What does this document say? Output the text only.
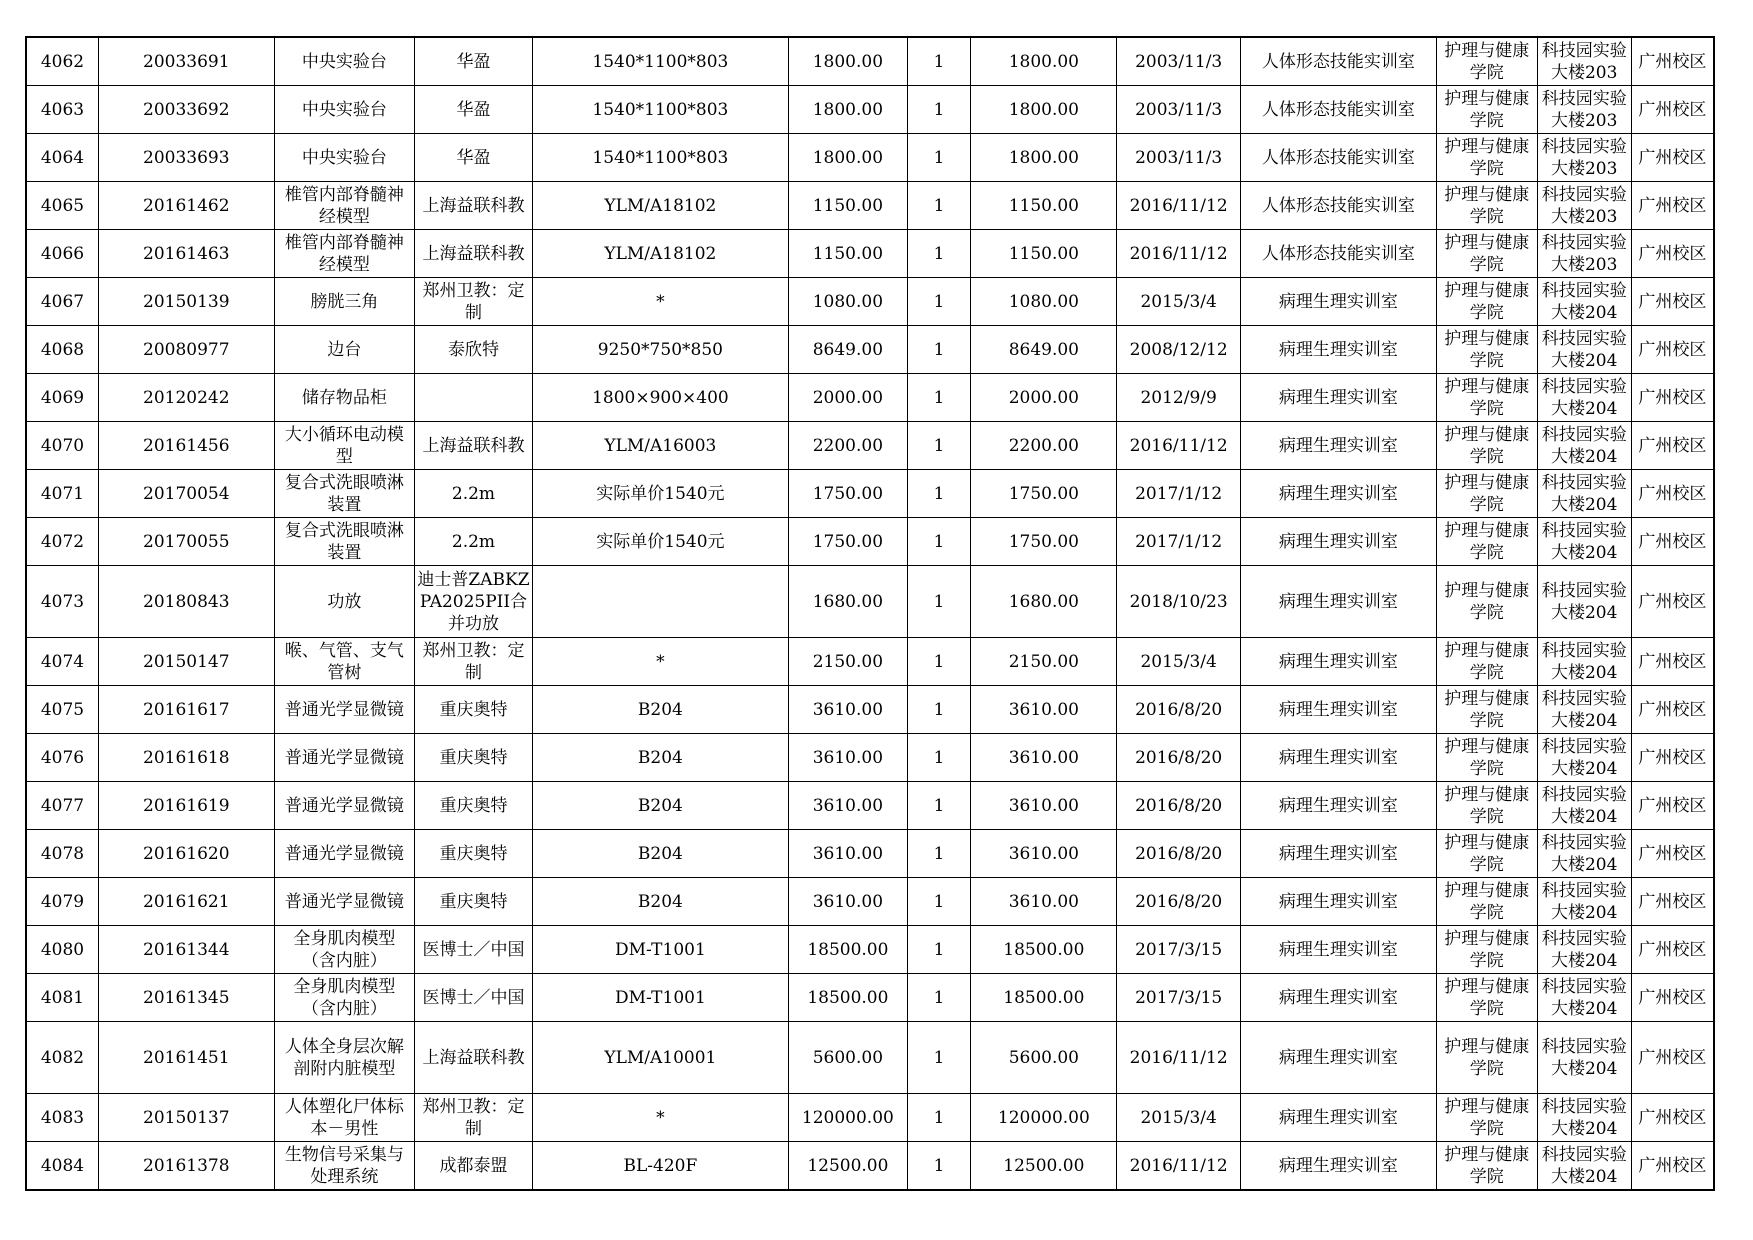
4062	20033691	中央实验台	华盈	1540*1100*803	1800.00	1	1800.00	2003/11/3	人体形态技能实训室	护理与健康学院	科技园实验大楼203	广州校区
4063	20033692	中央实验台	华盈	1540*1100*803	1800.00	1	1800.00	2003/11/3	人体形态技能实训室	护理与健康学院	科技园实验大楼203	广州校区
4064	20033693	中央实验台	华盈	1540*1100*803	1800.00	1	1800.00	2003/11/3	人体形态技能实训室	护理与健康学院	科技园实验大楼203	广州校区
4065	20161462	椎管内部脊髓神经模型	上海益联科教	YLM/A18102	1150.00	1	1150.00	2016/11/12	人体形态技能实训室	护理与健康学院	科技园实验大楼203	广州校区
4066	20161463	椎管内部脊髓神经模型	上海益联科教	YLM/A18102	1150.00	1	1150.00	2016/11/12	人体形态技能实训室	护理与健康学院	科技园实验大楼203	广州校区
4067	20150139	膀胱三角	郑州卫教：定制	*	1080.00	1	1080.00	2015/3/4	病理生理实训室	护理与健康学院	科技园实验大楼204	广州校区
4068	20080977	边台	泰欣特	9250*750*850	8649.00	1	8649.00	2008/12/12	病理生理实训室	护理与健康学院	科技园实验大楼204	广州校区
4069	20120242	储存物品柜		1800×900×400	2000.00	1	2000.00	2012/9/9	病理生理实训室	护理与健康学院	科技园实验大楼204	广州校区
4070	20161456	大小循环电动模型	上海益联科教	YLM/A16003	2200.00	1	2200.00	2016/11/12	病理生理实训室	护理与健康学院	科技园实验大楼204	广州校区
4071	20170054	复合式洗眼喷淋装置	2.2m	实际单价1540元	1750.00	1	1750.00	2017/1/12	病理生理实训室	护理与健康学院	科技园实验大楼204	广州校区
4072	20170055	复合式洗眼喷淋装置	2.2m	实际单价1540元	1750.00	1	1750.00	2017/1/12	病理生理实训室	护理与健康学院	科技园实验大楼204	广州校区
4073	20180843	功放	迪士普ZABKZPA2025PII合并功放		1680.00	1	1680.00	2018/10/23	病理生理实训室	护理与健康学院	科技园实验大楼204	广州校区
4074	20150147	喉、气管、支气管树	郑州卫教：定制	*	2150.00	1	2150.00	2015/3/4	病理生理实训室	护理与健康学院	科技园实验大楼204	广州校区
4075	20161617	普通光学显微镜	重庆奥特	B204	3610.00	1	3610.00	2016/8/20	病理生理实训室	护理与健康学院	科技园实验大楼204	广州校区
4076	20161618	普通光学显微镜	重庆奥特	B204	3610.00	1	3610.00	2016/8/20	病理生理实训室	护理与健康学院	科技园实验大楼204	广州校区
4077	20161619	普通光学显微镜	重庆奥特	B204	3610.00	1	3610.00	2016/8/20	病理生理实训室	护理与健康学院	科技园实验大楼204	广州校区
4078	20161620	普通光学显微镜	重庆奥特	B204	3610.00	1	3610.00	2016/8/20	病理生理实训室	护理与健康学院	科技园实验大楼204	广州校区
4079	20161621	普通光学显微镜	重庆奥特	B204	3610.00	1	3610.00	2016/8/20	病理生理实训室	护理与健康学院	科技园实验大楼204	广州校区
4080	20161344	全身肌肉模型（含内脏）	医博士／中国	DM-T1001	18500.00	1	18500.00	2017/3/15	病理生理实训室	护理与健康学院	科技园实验大楼204	广州校区
4081	20161345	全身肌肉模型（含内脏）	医博士／中国	DM-T1001	18500.00	1	18500.00	2017/3/15	病理生理实训室	护理与健康学院	科技园实验大楼204	广州校区
4082	20161451	人体全身层次解剖附内脏模型	上海益联科教	YLM/A10001	5600.00	1	5600.00	2016/11/12	病理生理实训室	护理与健康学院	科技园实验大楼204	广州校区
4083	20150137	人体塑化尸体标本－男性	郑州卫教：定制	*	120000.00	1	120000.00	2015/3/4	病理生理实训室	护理与健康学院	科技园实验大楼204	广州校区
4084	20161378	生物信号采集与处理系统	成都泰盟	BL-420F	12500.00	1	12500.00	2016/11/12	病理生理实训室	护理与健康学院	科技园实验大楼204	广州校区
